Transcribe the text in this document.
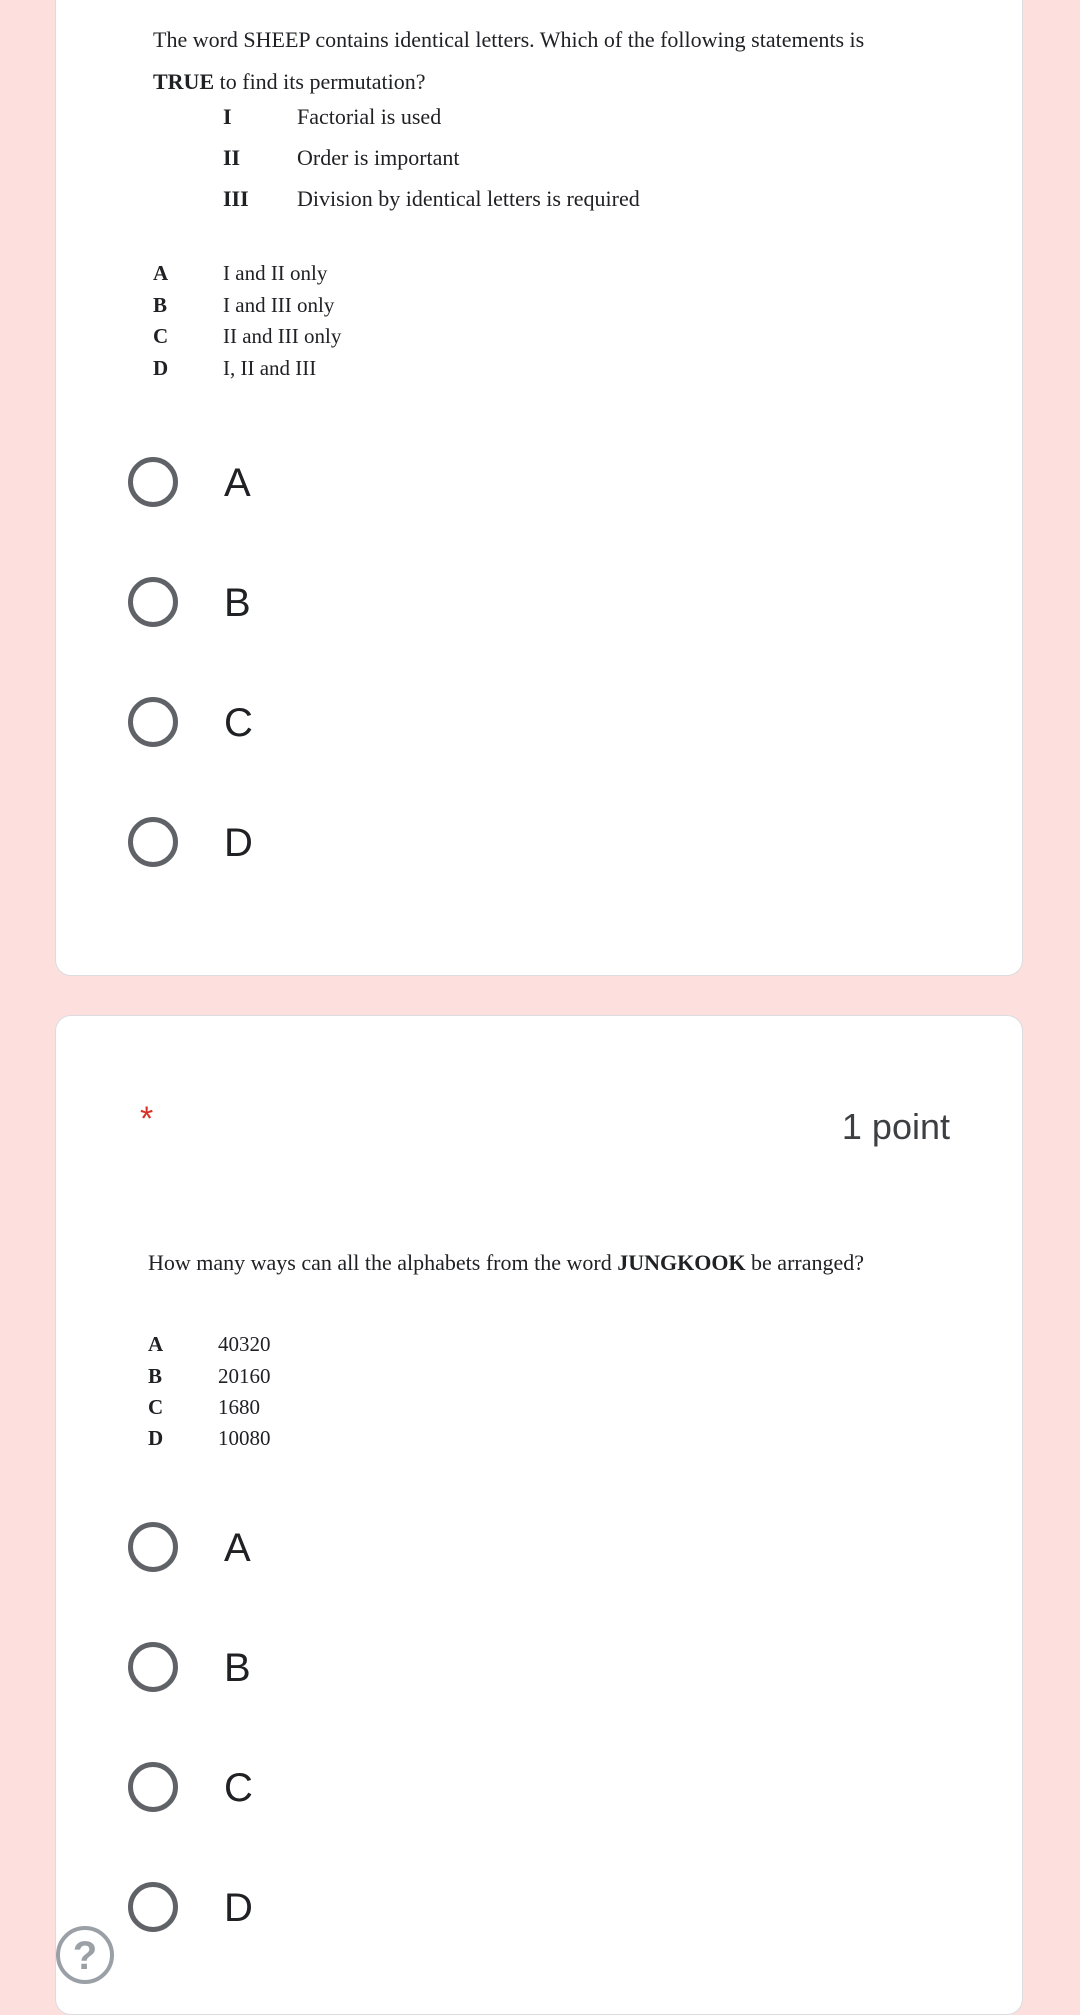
The word SHEEP contains identical letters. Which of the following statements is
TRUE to find its permutation?
I	Factorial is used
II	Order is important
III Division by identical letters is required
A	I and II only
B	I and III only
C	II and III only
D	I, II and III
A
B
C
D
*	1 point
How many ways can all the alphabets from the word JUNGKOOK be arranged?
A	40320
B	20160
C	1680
D	10080
A
B
C
D
?
